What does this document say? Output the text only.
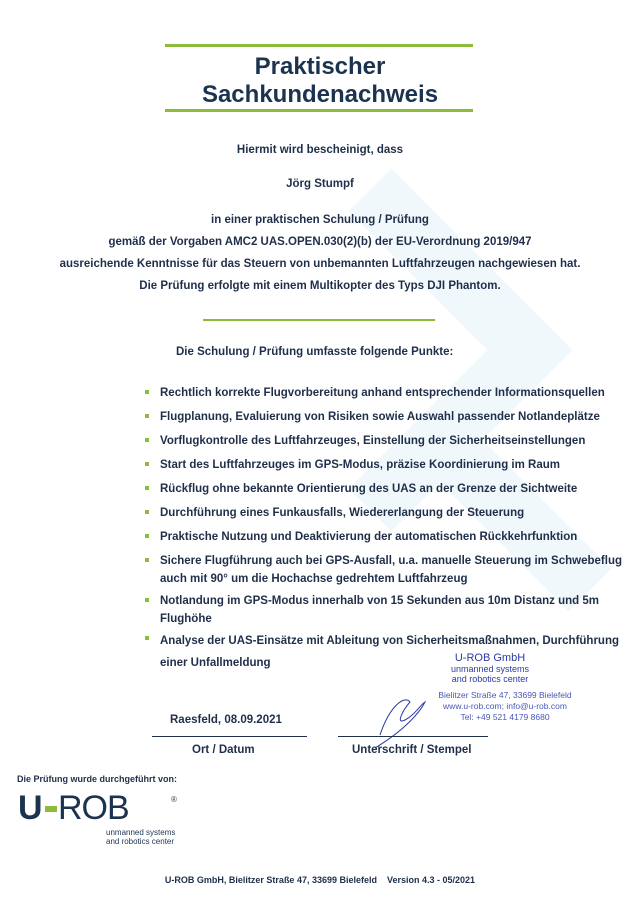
Praktischer
Sachkundenachweis
Hiermit wird bescheinigt, dass
Jörg Stumpf
in einer praktischen Schulung / Prüfung
gemäß der Vorgaben AMC2 UAS.OPEN.030(2)(b) der EU-Verordnung 2019/947
ausreichende Kenntnisse für das Steuern von unbemannten Luftfahrzeugen nachgewiesen hat.
Die Prüfung erfolgte mit einem Multikopter des Typs DJI Phantom.
Die Schulung / Prüfung umfasste folgende Punkte:
Rechtlich korrekte Flugvorbereitung anhand entsprechender Informationsquellen
Flugplanung, Evaluierung von Risiken sowie Auswahl passender Notlandeplätze
Vorflugkontrolle des Luftfahrzeuges, Einstellung der Sicherheitseinstellungen
Start des Luftfahrzeuges im GPS-Modus, präzise Koordinierung im Raum
Rückflug ohne bekannte Orientierung des UAS an der Grenze der Sichtweite
Durchführung eines Funkausfalls, Wiedererlangung der Steuerung
Praktische Nutzung und Deaktivierung der automatischen Rückkehrfunktion
Sichere Flugführung auch bei GPS-Ausfall, u.a. manuelle Steuerung im Schwebeflug
auch mit 90° um die Hochachse gedrehtem Luftfahrzeug
Notlandung im GPS-Modus innerhalb von 15 Sekunden aus 10m Distanz und 5m
Flughöhe
Analyse der UAS-Einsätze mit Ableitung von Sicherheitsmaßnahmen, Durchführung
einer Unfallmeldung	U-ROB GmbH
unmanned systems
and robotics center
Bielitzer Straße 47, 33699 Bielefeld
www.u-rob.com; info@u-rob.com
Tel: +49 521 4179 8680
Raesfeld, 08.09.2021
Ort / Datum	Unterschrift / Stempel
Die Prüfung wurde durchgeführt von:
U ROB	®
unmanned systems
and robotics center
U-ROB GmbH, Bielitzer Straße 47, 33699 Bielefeld    Version 4.3 - 05/2021
